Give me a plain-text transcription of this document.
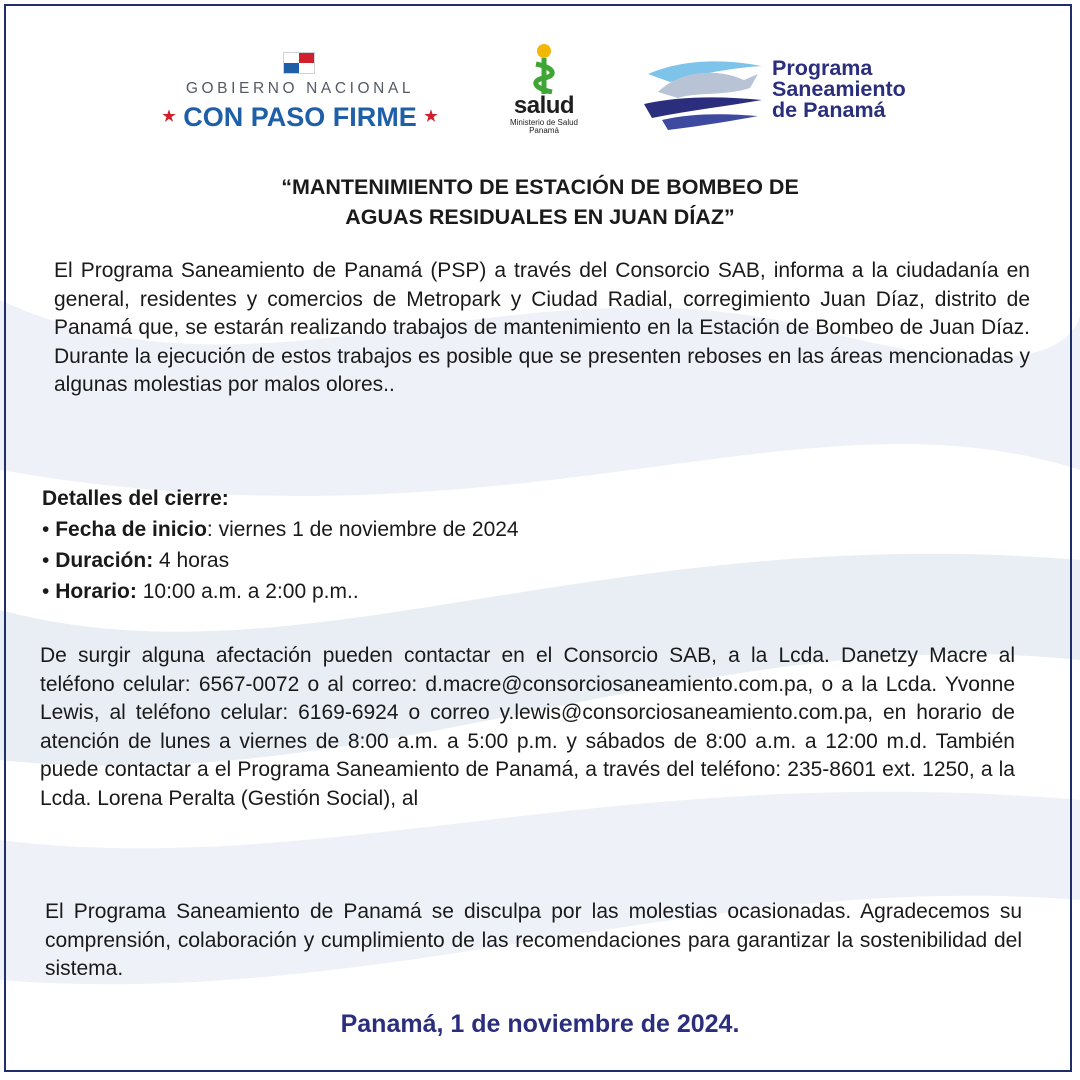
GOBIERNO NACIONAL
★ CON PASO FIRME ★	salud
Ministerio de Salud
Panamá
Programa
Saneamiento
de Panamá
“MANTENIMIENTO DE ESTACIÓN DE BOMBEO DE
AGUAS RESIDUALES EN JUAN DÍAZ”
El Programa Saneamiento de Panamá (PSP) a través del Consorcio SAB, informa a la ciudadanía en general, residentes y comercios de Metropark y Ciudad Radial, corregimiento Juan Díaz, distrito de Panamá que, se estarán realizando trabajos de mantenimiento en la Estación de Bombeo de Juan Díaz. Durante la ejecución de estos trabajos es posible que se presenten reboses en las áreas mencionadas y algunas molestias por malos olores..
Detalles del cierre:
• Fecha de inicio: viernes 1 de noviembre de 2024
• Duración: 4 horas
• Horario: 10:00 a.m. a 2:00 p.m..
De surgir alguna afectación pueden contactar en el Consorcio SAB, a la Lcda. Danetzy Macre al teléfono celular: 6567-0072 o al correo: d.macre@consorciosaneamiento.com.pa, o a la Lcda. Yvonne Lewis, al teléfono celular: 6169-6924 o correo y.lewis@consorciosaneamiento.com.pa, en horario de atención de lunes a viernes de 8:00 a.m. a 5:00 p.m. y sábados de 8:00 a.m. a 12:00 m.d. También puede contactar a el Programa Saneamiento de Panamá, a través del teléfono: 235-8601 ext. 1250, a la Lcda. Lorena Peralta (Gestión Social), al
El Programa Saneamiento de Panamá se disculpa por las molestias ocasionadas. Agradecemos su comprensión, colaboración y cumplimiento de las recomendaciones para garantizar la sostenibilidad del sistema.
Panamá, 1 de noviembre de 2024.
